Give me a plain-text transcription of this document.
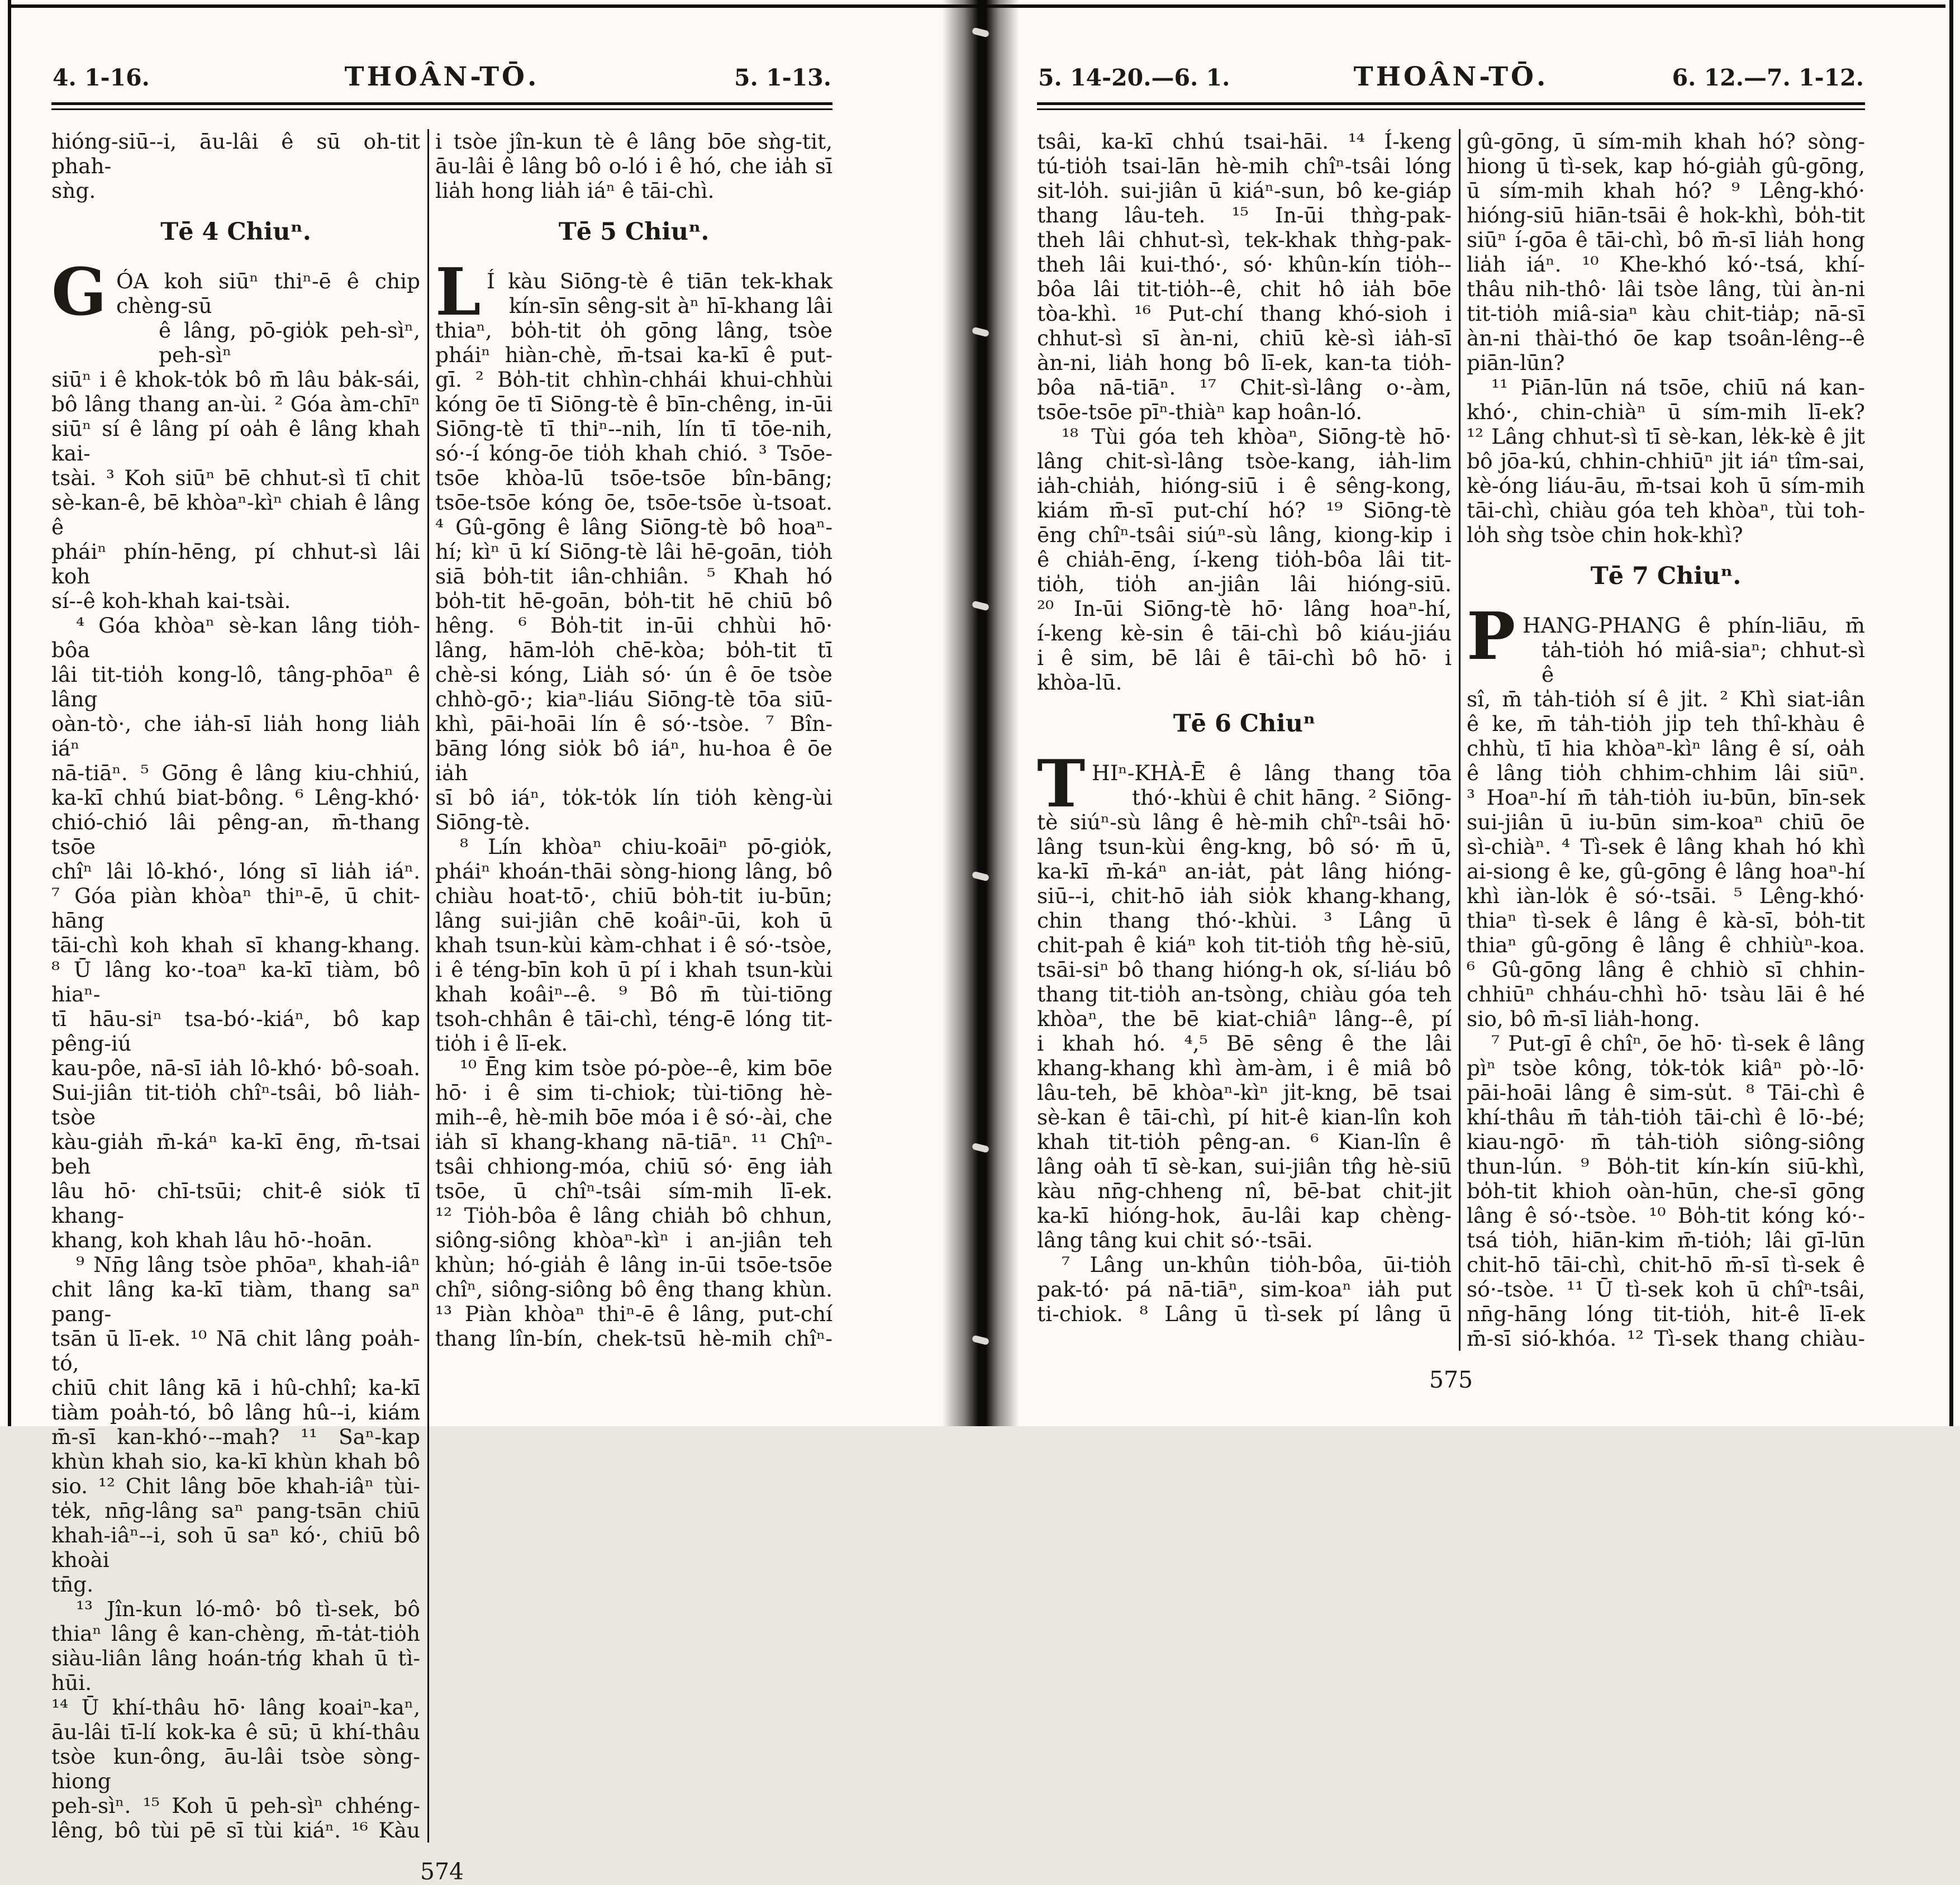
4. 1-16.	THOÂN-TŌ.	5. 1-13.
hióng-siū--i, āu-lâi ê sū oh-tit phah-
sǹg.
Tē 4 Chiuⁿ.
G ÓA koh siūⁿ thiⁿ-ē ê chip chèng-sū
ê lâng, pō-gio̍k peh-sìⁿ, peh-sìⁿ
siūⁿ i ê khok-to̍k bô m̄ lâu ba̍k-sái,
bô lâng thang an-ùi. ² Góa àm-chīⁿ
siūⁿ sí ê lâng pí oa̍h ê lâng khah kai-
tsài. ³ Koh siūⁿ bē chhut-sì tī chit
sè-kan-ê, bē khòaⁿ-kìⁿ chiah ê lâng ê
pháiⁿ phín-hēng, pí chhut-sì lâi koh
sí--ê koh-khah kai-tsài.
⁴ Góa khòaⁿ sè-kan lâng tio̍h-bôa
lâi tit-tio̍h kong-lô, tâng-phōaⁿ ê lâng
oàn-tò·, che ia̍h-sī lia̍h hong lia̍h iáⁿ
nā-tiāⁿ. ⁵ Gōng ê lâng kiu-chhiú,
ka-kī chhú biat-bông. ⁶ Lêng-khó·
chió-chió lâi pêng-an, m̄-thang tsōe
chîⁿ lâi lô-khó·, lóng sī lia̍h iáⁿ.
⁷ Góa piàn khòaⁿ thiⁿ-ē, ū chit-hāng
tāi-chì koh khah sī khang-khang.
⁸ Ū lâng ko·-toaⁿ ka-kī tiàm, bô hiaⁿ-
tī hāu-siⁿ tsa-bó·-kiáⁿ, bô kap pêng-iú
kau-pôe, nā-sī ia̍h lô-khó· bô-soah.
Sui-jiân tit-tio̍h chîⁿ-tsâi, bô lia̍h-tsòe
kàu-gia̍h m̄-káⁿ ka-kī ēng, m̄-tsai beh
lâu hō· chī-tsūi; chit-ê sio̍k tī khang-
khang, koh khah lâu hō·-hoān.
⁹ Nn̄g lâng tsòe phōaⁿ, khah-iâⁿ
chit lâng ka-kī tiàm, thang saⁿ pang-
tsān ū lī-ek. ¹⁰ Nā chit lâng poa̍h-tó,
chiū chit lâng kā i hû-chhî; ka-kī
tiàm poa̍h-tó, bô lâng hû--i, kiám
m̄-sī kan-khó·--mah? ¹¹ Saⁿ-kap
khùn khah sio, ka-kī khùn khah bô
sio. ¹² Chit lâng bōe khah-iâⁿ tùi-
te̍k, nn̄g-lâng saⁿ pang-tsān chiū
khah-iâⁿ--i, soh ū saⁿ kó·, chiū bô khoài
tn̄g.
¹³ Jîn-kun ló-mô· bô tì-sek, bô
thiaⁿ lâng ê kan-chèng, m̄-ta̍t-tio̍h
siàu-liân lâng hoán-tńg khah ū tì-hūi.
¹⁴ Ū khí-thâu hō· lâng koaiⁿ-kaⁿ,
āu-lâi tī-lí kok-ka ê sū; ū khí-thâu
tsòe kun-ông, āu-lâi tsòe sòng-hiong
peh-sìⁿ. ¹⁵ Koh ū peh-sìⁿ chhéng-
lêng, bô tùi pē sī tùi kiáⁿ. ¹⁶ Kàu
i tsòe jîn-kun tè ê lâng bōe sǹg-tit,
āu-lâi ê lâng bô o-ló i ê hó, che ia̍h sī
lia̍h hong lia̍h iáⁿ ê tāi-chì.
Tē 5 Chiuⁿ.
L Í kàu Siōng-tè ê tiān tek-khak
kín-sīn sêng-si̍t àⁿ hī-khang lâi
thiaⁿ, bo̍h-tit o̍h gōng lâng, tsòe
pháiⁿ hiàn-chè, m̄-tsai ka-kī ê put-
gī. ² Bo̍h-tit chhìn-chhái khui-chhùi
kóng ōe tī Siōng-tè ê bīn-chêng, in-ūi
Siōng-tè tī thiⁿ--nih, lín tī tōe-nih,
só·-í kóng-ōe tio̍h khah chió. ³ Tsōe-
tsōe khòa-lū tsōe-tsōe bîn-bāng;
tsōe-tsōe kóng ōe, tsōe-tsōe ù-tsoat.
⁴ Gû-gōng ê lâng Siōng-tè bô hoaⁿ-
hí; kìⁿ ū kí Siōng-tè lâi hē-goān, tio̍h
siā bo̍h-tit iân-chhiân. ⁵ Khah hó
bo̍h-tit hē-goān, bo̍h-tit hē chiū bô
hêng. ⁶ Bo̍h-tit in-ūi chhùi hō·
lâng, hām-lo̍h chē-kòa; bo̍h-tit tī
chè-si kóng, Lia̍h só· ún ê ōe tsòe
chhò-gō·; kiaⁿ-liáu Siōng-tè tōa siū-
khì, pāi-hoāi lín ê só·-tsòe. ⁷ Bîn-
bāng lóng sio̍k bô iáⁿ, hu-hoa ê ōe ia̍h
sī bô iáⁿ, to̍k-to̍k lín tio̍h kèng-ùi
Siōng-tè.
⁸ Lín khòaⁿ chiu-koāiⁿ pō-gio̍k,
pháiⁿ khoán-thāi sòng-hiong lâng, bô
chiàu hoat-tō·, chiū bo̍h-tit iu-būn;
lâng sui-jiân chē koâiⁿ-ūi, koh ū
khah tsun-kùi kàm-chhat i ê só·-tsòe,
i ê téng-bīn koh ū pí i khah tsun-kùi
khah koâiⁿ--ê. ⁹ Bô m̄ tùi-tiōng
tsoh-chhân ê tāi-chì, téng-ē lóng tit-
tio̍h i ê lī-ek.
¹⁰ Ēng kim tsòe pó-pòe--ê, kim bōe
hō· i ê sim ti-chiok; tùi-tiōng hè-
mih--ê, hè-mih bōe móa i ê só·-ài, che
ia̍h sī khang-khang nā-tiāⁿ. ¹¹ Chîⁿ-
tsâi chhiong-móa, chiū só· ēng ia̍h
tsōe, ū chîⁿ-tsâi sím-mih lī-ek.
¹² Tio̍h-bôa ê lâng chia̍h bô chhun,
siông-siông khòaⁿ-kìⁿ i an-jiân teh
khùn; hó-gia̍h ê lâng in-ūi tsōe-tsōe
chîⁿ, siông-siông bô êng thang khùn.
¹³ Piàn khòaⁿ thiⁿ-ē ê lâng, put-chí
thang lîn-bín, chek-tsū hè-mih chîⁿ-
574
5. 14-20.—6. 1.	THOÂN-TŌ.	6. 12.—7. 1-12.
tsâi, ka-kī chhú tsai-hāi. ¹⁴ Í-keng
tú-tio̍h tsai-lān hè-mih chîⁿ-tsâi lóng
sit-lo̍h. sui-jiân ū kiáⁿ-sun, bô ke-giáp
thang lâu-teh. ¹⁵ In-ūi thǹg-pak-
theh lâi chhut-sì, tek-khak thǹg-pak-
theh lâi kui-thó·, só· khûn-kín tio̍h--
bôa lâi tit-tio̍h--ê, chit hô ia̍h bōe
tòa-khì. ¹⁶ Put-chí thang khó-sioh i
chhut-sì sī àn-ni, chiū kè-sì ia̍h-sī
àn-ni, lia̍h hong bô lī-ek, kan-ta tio̍h-
bôa nā-tiāⁿ. ¹⁷ Chit-sì-lâng o·-àm,
tsōe-tsōe pīⁿ-thiàⁿ kap hoân-ló.
¹⁸ Tùi góa teh khòaⁿ, Siōng-tè hō·
lâng chit-sì-lâng tsòe-kang, ia̍h-lim
ia̍h-chia̍h, hióng-siū i ê sêng-kong,
kiám m̄-sī put-chí hó? ¹⁹ Siōng-tè
ēng chîⁿ-tsâi siúⁿ-sù lâng, kiong-kip i
ê chia̍h-ēng, í-keng tio̍h-bôa lâi tit-
tio̍h, tio̍h an-jiân lâi hióng-siū.
²⁰ In-ūi Siōng-tè hō· lâng hoaⁿ-hí,
í-keng kè-sin ê tāi-chì bô kiáu-jiáu
i ê sim, bē lâi ê tāi-chì bô hō· i
khòa-lū.
Tē 6 Chiuⁿ
T HIⁿ-KHÀ-Ē ê lâng thang tōa
thó·-khùi ê chit hāng. ² Siōng-
tè siúⁿ-sù lâng ê hè-mih chîⁿ-tsâi hō·
lâng tsun-kùi êng-kng, bô só· m̄ ū,
ka-kī m̄-káⁿ an-ia̍t, pa̍t lâng hióng-
siū--i, chit-hō ia̍h sio̍k khang-khang,
chin thang thó·-khùi. ³ Lâng ū
chit-pah ê kiáⁿ koh tit-tio̍h tn̂g hè-siū,
tsāi-siⁿ bô thang hióng-h ok, sí-liáu bô
thang tit-tio̍h an-tsòng, chiàu góa teh
khòaⁿ, the bē kiat-chiâⁿ lâng--ê, pí
i khah hó. ⁴,⁵ Bē sêng ê the lâi
khang-khang khì àm-àm, i ê miâ bô
lâu-teh, bē khòaⁿ-kìⁿ ji̍t-kng, bē tsai
sè-kan ê tāi-chì, pí hit-ê kian-lîn koh
khah tit-tio̍h pêng-an. ⁶ Kian-lîn ê
lâng oa̍h tī sè-kan, sui-jiân tn̂g hè-siū
kàu nn̄g-chheng nî, bē-bat chit-ji̍t
ka-kī hióng-hok, āu-lâi kap chèng-
lâng tâng kui chit só·-tsāi.
⁷ Lâng un-khûn tio̍h-bôa, ūi-tio̍h
pak-tó· pá nā-tiāⁿ, sim-koaⁿ ia̍h put
ti-chiok. ⁸ Lâng ū tì-sek pí lâng ū
gû-gōng, ū sím-mih khah hó? sòng-
hiong ū tì-sek, kap hó-gia̍h gû-gōng,
ū sím-mih khah hó? ⁹ Lêng-khó·
hióng-siū hiān-tsāi ê hok-khì, bo̍h-tit
siūⁿ í-gōa ê tāi-chì, bô m̄-sī lia̍h hong
lia̍h iáⁿ. ¹⁰ Khe-khó kó·-tsá, khí-
thâu nih-thô· lâi tsòe lâng, tùi àn-ni
tit-tio̍h miâ-siaⁿ kàu chit-tia̍p; nā-sī
àn-ni thài-thó ōe kap tsoân-lêng--ê
piān-lūn?
¹¹ Piān-lūn ná tsōe, chiū ná kan-
khó·, chin-chiàⁿ ū sím-mih lī-ek?
¹² Lâng chhut-sì tī sè-kan, le̍k-kè ê ji̍t
bô jōa-kú, chhin-chhiūⁿ ji̍t iáⁿ tîm-sai,
kè-óng liáu-āu, m̄-tsai koh ū sím-mih
tāi-chì, chiàu góa teh khòaⁿ, tùi toh-
lo̍h sǹg tsòe chin hok-khì?
Tē 7 Chiuⁿ.
P HANG-PHANG ê phín-liāu, m̄
ta̍h-tio̍h hó miâ-siaⁿ; chhut-sì ê
sî, m̄ ta̍h-tio̍h sí ê ji̍t. ² Khì siat-iân
ê ke, m̄ ta̍h-tio̍h ji̍p teh thî-khàu ê
chhù, tī hia khòaⁿ-kìⁿ lâng ê sí, oa̍h
ê lâng tio̍h chhim-chhim lâi siūⁿ.
³ Hoaⁿ-hí m̄ ta̍h-tio̍h iu-būn, bīn-sek
sui-jiân ū iu-būn sim-koaⁿ chiū ōe
sì-chiàⁿ. ⁴ Tì-sek ê lâng khah hó khì
ai-siong ê ke, gû-gōng ê lâng hoaⁿ-hí
khì iàn-lo̍k ê só·-tsāi. ⁵ Lêng-khó·
thiaⁿ tì-sek ê lâng ê kà-sī, bo̍h-tit
thiaⁿ gû-gōng ê lâng ê chhiùⁿ-koa.
⁶ Gû-gōng lâng ê chhiò sī chhin-
chhiūⁿ chháu-chhì hō· tsàu lāi ê hé
sio, bô m̄-sī lia̍h-hong.
⁷ Put-gī ê chîⁿ, ōe hō· tì-sek ê lâng
pìⁿ tsòe kông, to̍k-to̍k kiâⁿ pò·-lō·
pāi-hoāi lâng ê sim-su̍t. ⁸ Tāi-chì ê
khí-thâu m̄ ta̍h-tio̍h tāi-chì ê lō·-bé;
kiau-ngō· m̄ ta̍h-tio̍h siông-siông
thun-lún. ⁹ Bo̍h-tit kín-kín siū-khì,
bo̍h-tit khioh oàn-hūn, che-sī gōng
lâng ê só·-tsòe. ¹⁰ Bo̍h-tit kóng kó·-
tsá tio̍h, hiān-kim m̄-tio̍h; lâi gī-lūn
chit-hō tāi-chì, chit-hō m̄-sī tì-sek ê
só·-tsòe. ¹¹ Ū tì-sek koh ū chîⁿ-tsâi,
nn̄g-hāng lóng tit-tio̍h, hit-ê lī-ek
m̄-sī sió-khóa. ¹² Tì-sek thang chiàu-
575
